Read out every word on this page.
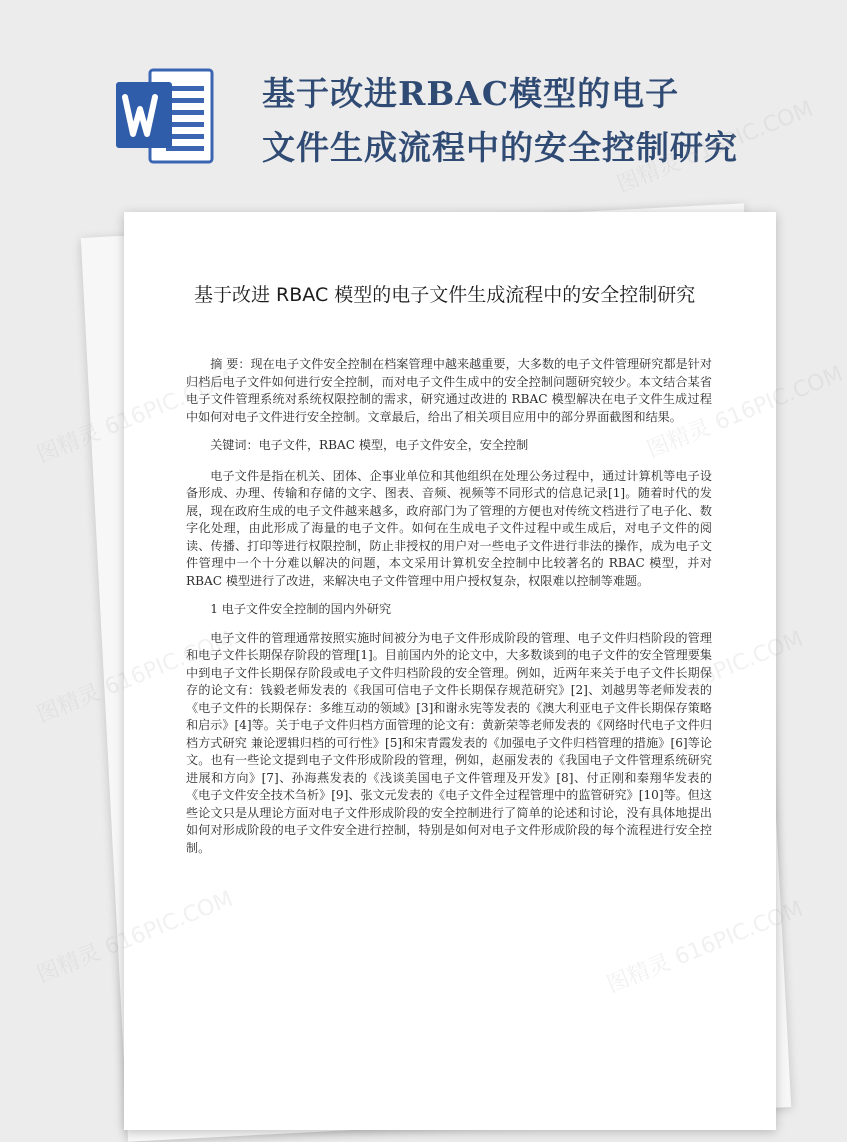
基于改进RBAC模型的电子
文件生成流程中的安全控制研究
基于改进 RBAC 模型的电子文件生成流程中的安全控制研究

摘 要：现在电子文件安全控制在档案管理中越来越重要，大多数的电子文件管理研究都是针对归档后电子文件如何进行安全控制，而对电子文件生成中的安全控制问题研究较少。本文结合某省电子文件管理系统对系统权限控制的需求，研究通过改进的 RBAC 模型解决在电子文件生成过程中如何对电子文件进行安全控制。文章最后，给出了相关项目应用中的部分界面截图和结果。

关键词：电子文件，RBAC 模型，电子文件安全，安全控制

电子文件是指在机关、团体、企事业单位和其他组织在处理公务过程中，通过计算机等电子设备形成、办理、传输和存储的文字、图表、音频、视频等不同形式的信息记录[1]。随着时代的发展，现在政府生成的电子文件越来越多，政府部门为了管理的方便也对传统文档进行了电子化、数字化处理，由此形成了海量的电子文件。如何在生成电子文件过程中或生成后，对电子文件的阅读、传播、打印等进行权限控制，防止非授权的用户对一些电子文件进行非法的操作，成为电子文件管理中一个十分难以解决的问题，本文采用计算机安全控制中比较著名的 RBAC 模型，并对 RBAC 模型进行了改进，来解决电子文件管理中用户授权复杂，权限难以控制等难题。

1 电子文件安全控制的国内外研究

电子文件的管理通常按照实施时间被分为电子文件形成阶段的管理、电子文件归档阶段的管理和电子文件长期保存阶段的管理[1]。目前国内外的论文中，大多数谈到的电子文件的安全管理要集中到电子文件长期保存阶段或电子文件归档阶段的安全管理。例如，近两年来关于电子文件长期保存的论文有：钱毅老师发表的《我国可信电子文件长期保存规范研究》[2]、刘越男等老师发表的《电子文件的长期保存：多维互动的领域》[3]和谢永宪等发表的《澳大利亚电子文件长期保存策略和启示》[4]等。关于电子文件归档方面管理的论文有：黄新荣等老师发表的《网络时代电子文件归档方式研究 兼论逻辑归档的可行性》[5]和宋青霞发表的《加强电子文件归档管理的措施》[6]等论文。也有一些论文提到电子文件形成阶段的管理，例如，赵丽发表的《我国电子文件管理系统研究进展和方向》[7]、孙海燕发表的《浅谈美国电子文件管理及开发》[8]、付正刚和秦翔华发表的《电子文件安全技术刍析》[9]、张文元发表的《电子文件全过程管理中的监管研究》[10]等。但这些论文只是从理论方面对电子文件形成阶段的安全控制进行了简单的论述和讨论，没有具体地提出如何对形成阶段的电子文件安全进行控制，特别是如何对电子文件形成阶段的每个流程进行安全控制。

图精灵 616PIC.COM
图精灵
616PIC.COM
图精灵
图精灵
